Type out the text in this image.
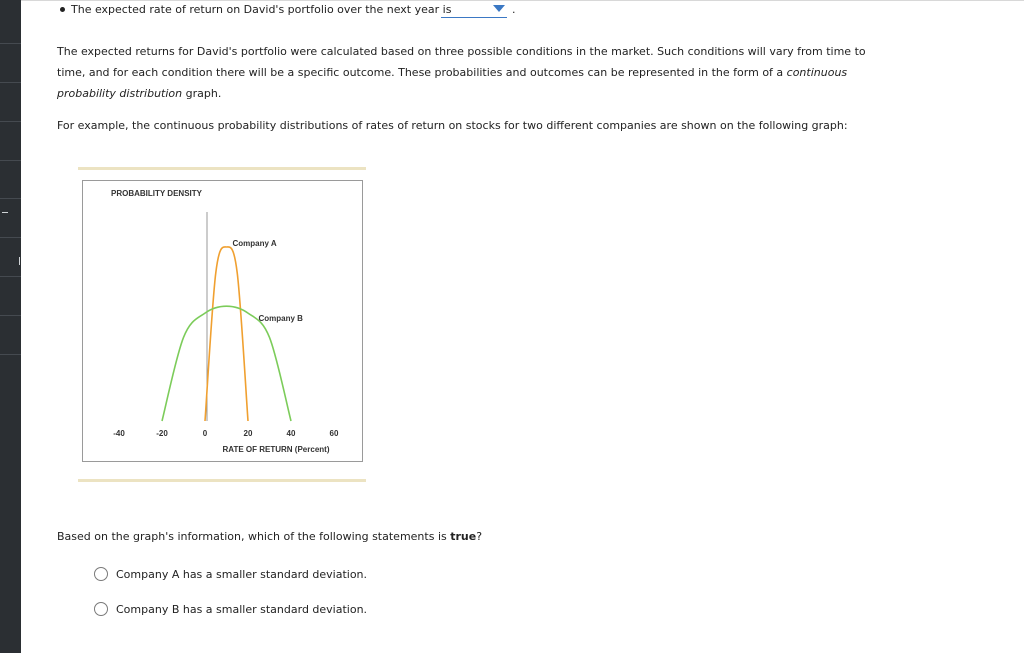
The expected rate of return on David's portfolio over the next year is	.
The expected returns for David's portfolio were calculated based on three possible conditions in the market. Such conditions will vary from time to
time, and for each condition there will be a specific outcome. These probabilities and outcomes can be represented in the form of a continuous
probability distribution graph.
For example, the continuous probability distributions of rates of return on stocks for two different companies are shown on the following graph:
PROBABILITY DENSITY
Company A
Company B
-40	-20	0	20	40	60
RATE OF RETURN (Percent)
Based on the graph's information, which of the following statements is true?
Company A has a smaller standard deviation.
Company B has a smaller standard deviation.
